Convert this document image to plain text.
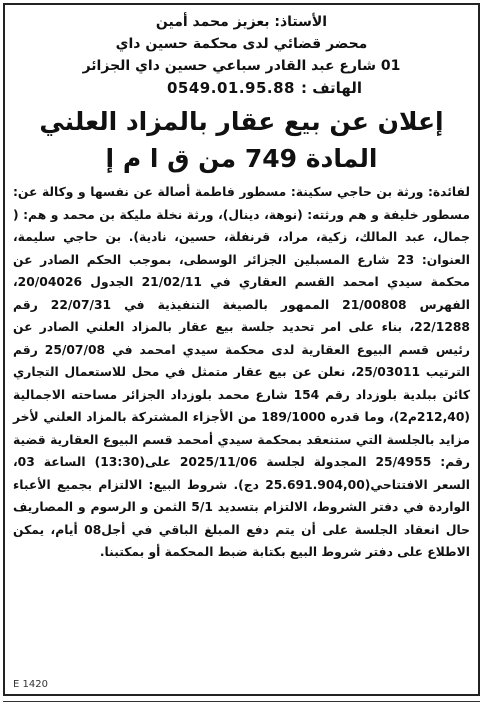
الأستاذ: بعزيز محمد أمين
محضر قضائي لدى محكمة حسين داي
01 شارع عبد القادر سباعي حسين داي الجزائر
الهاتف :
0549.01.95.88
إعلان عن بيع عقار بالمزاد العلني
المادة 749 من ق ا م إ
لفائدة: ورثة بن حاجي سكينة: مسطور فاطمة أصالة عن نفسها و وكالة عن: مسطور خليفة و هم ورثته: (نوهة، دينال)، ورثة نخلة مليكة بن محمد و هم: ( جمال، عبد المالك، زكية، مراد، قرنفلة، حسين، نادية). بن حاجي سليمة، العنوان: 23 شارع المسبلين الجزائر الوسطى، بموجب الحكم الصادر عن محكمة سيدي امحمد القسم العقاري في 21/02/11 الجدول 20/04026، الفهرس 21/00808 الممهور بالصيغة التنفيذية في 22/07/31 رقم 22/1288، بناء على امر تحديد جلسة بيع عقار بالمزاد العلني الصادر عن رئيس قسم البيوع العقارية لدى محكمة سيدي امحمد في 25/07/08 رقم الترتيب 25/03011، نعلن عن بيع عقار متمثل في محل للاستعمال التجاري كائن ببلدية بلوزداد رقم 154 شارع محمد بلوزداد الجزائر مساحته الاجمالية (212,40م2)، وما قدره 189/1000 من الأجزاء المشتركة بالمزاد العلني لأخر مزايد بالجلسة التي ستنعقد بمحكمة سيدي أمحمد قسم البيوع العقارية قضية رقم: 25/4955 المجدولة لجلسة 2025/11/06 على(13:30) الساعة 03، السعر الافتتاحي(25.691.904,00 دج). شروط البيع: الالتزام بجميع الأعباء الواردة في دفتر الشروط، الالتزام بتسديد 5/1 الثمن و الرسوم و المصاريف حال انعقاد الجلسة على أن يتم دفع المبلغ الباقي في أجل08 أيام، يمكن الاطلاع على دفتر شروط البيع بكتابة ضبط المحكمة أو بمكتبنا.
E 1420
